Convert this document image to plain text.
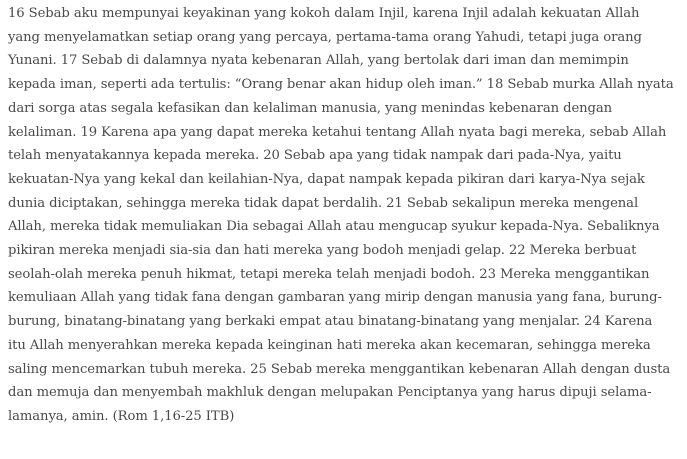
16 Sebab aku mempunyai keyakinan yang kokoh dalam Injil, karena Injil adalah kekuatan Allah
yang menyelamatkan setiap orang yang percaya, pertama-tama orang Yahudi, tetapi juga orang
Yunani. 17 Sebab di dalamnya nyata kebenaran Allah, yang bertolak dari iman dan memimpin
kepada iman, seperti ada tertulis: “Orang benar akan hidup oleh iman.” 18 Sebab murka Allah nyata
dari sorga atas segala kefasikan dan kelaliman manusia, yang menindas kebenaran dengan
kelaliman. 19 Karena apa yang dapat mereka ketahui tentang Allah nyata bagi mereka, sebab Allah
telah menyatakannya kepada mereka. 20 Sebab apa yang tidak nampak dari pada-Nya, yaitu
kekuatan-Nya yang kekal dan keilahian-Nya, dapat nampak kepada pikiran dari karya-Nya sejak
dunia diciptakan, sehingga mereka tidak dapat berdalih. 21 Sebab sekalipun mereka mengenal
Allah, mereka tidak memuliakan Dia sebagai Allah atau mengucap syukur kepada-Nya. Sebaliknya
pikiran mereka menjadi sia-sia dan hati mereka yang bodoh menjadi gelap. 22 Mereka berbuat
seolah-olah mereka penuh hikmat, tetapi mereka telah menjadi bodoh. 23 Mereka menggantikan
kemuliaan Allah yang tidak fana dengan gambaran yang mirip dengan manusia yang fana, burung-
burung, binatang-binatang yang berkaki empat atau binatang-binatang yang menjalar. 24 Karena
itu Allah menyerahkan mereka kepada keinginan hati mereka akan kecemaran, sehingga mereka
saling mencemarkan tubuh mereka. 25 Sebab mereka menggantikan kebenaran Allah dengan dusta
dan memuja dan menyembah makhluk dengan melupakan Penciptanya yang harus dipuji selama-
lamanya, amin. (Rom 1,16-25 ITB)
